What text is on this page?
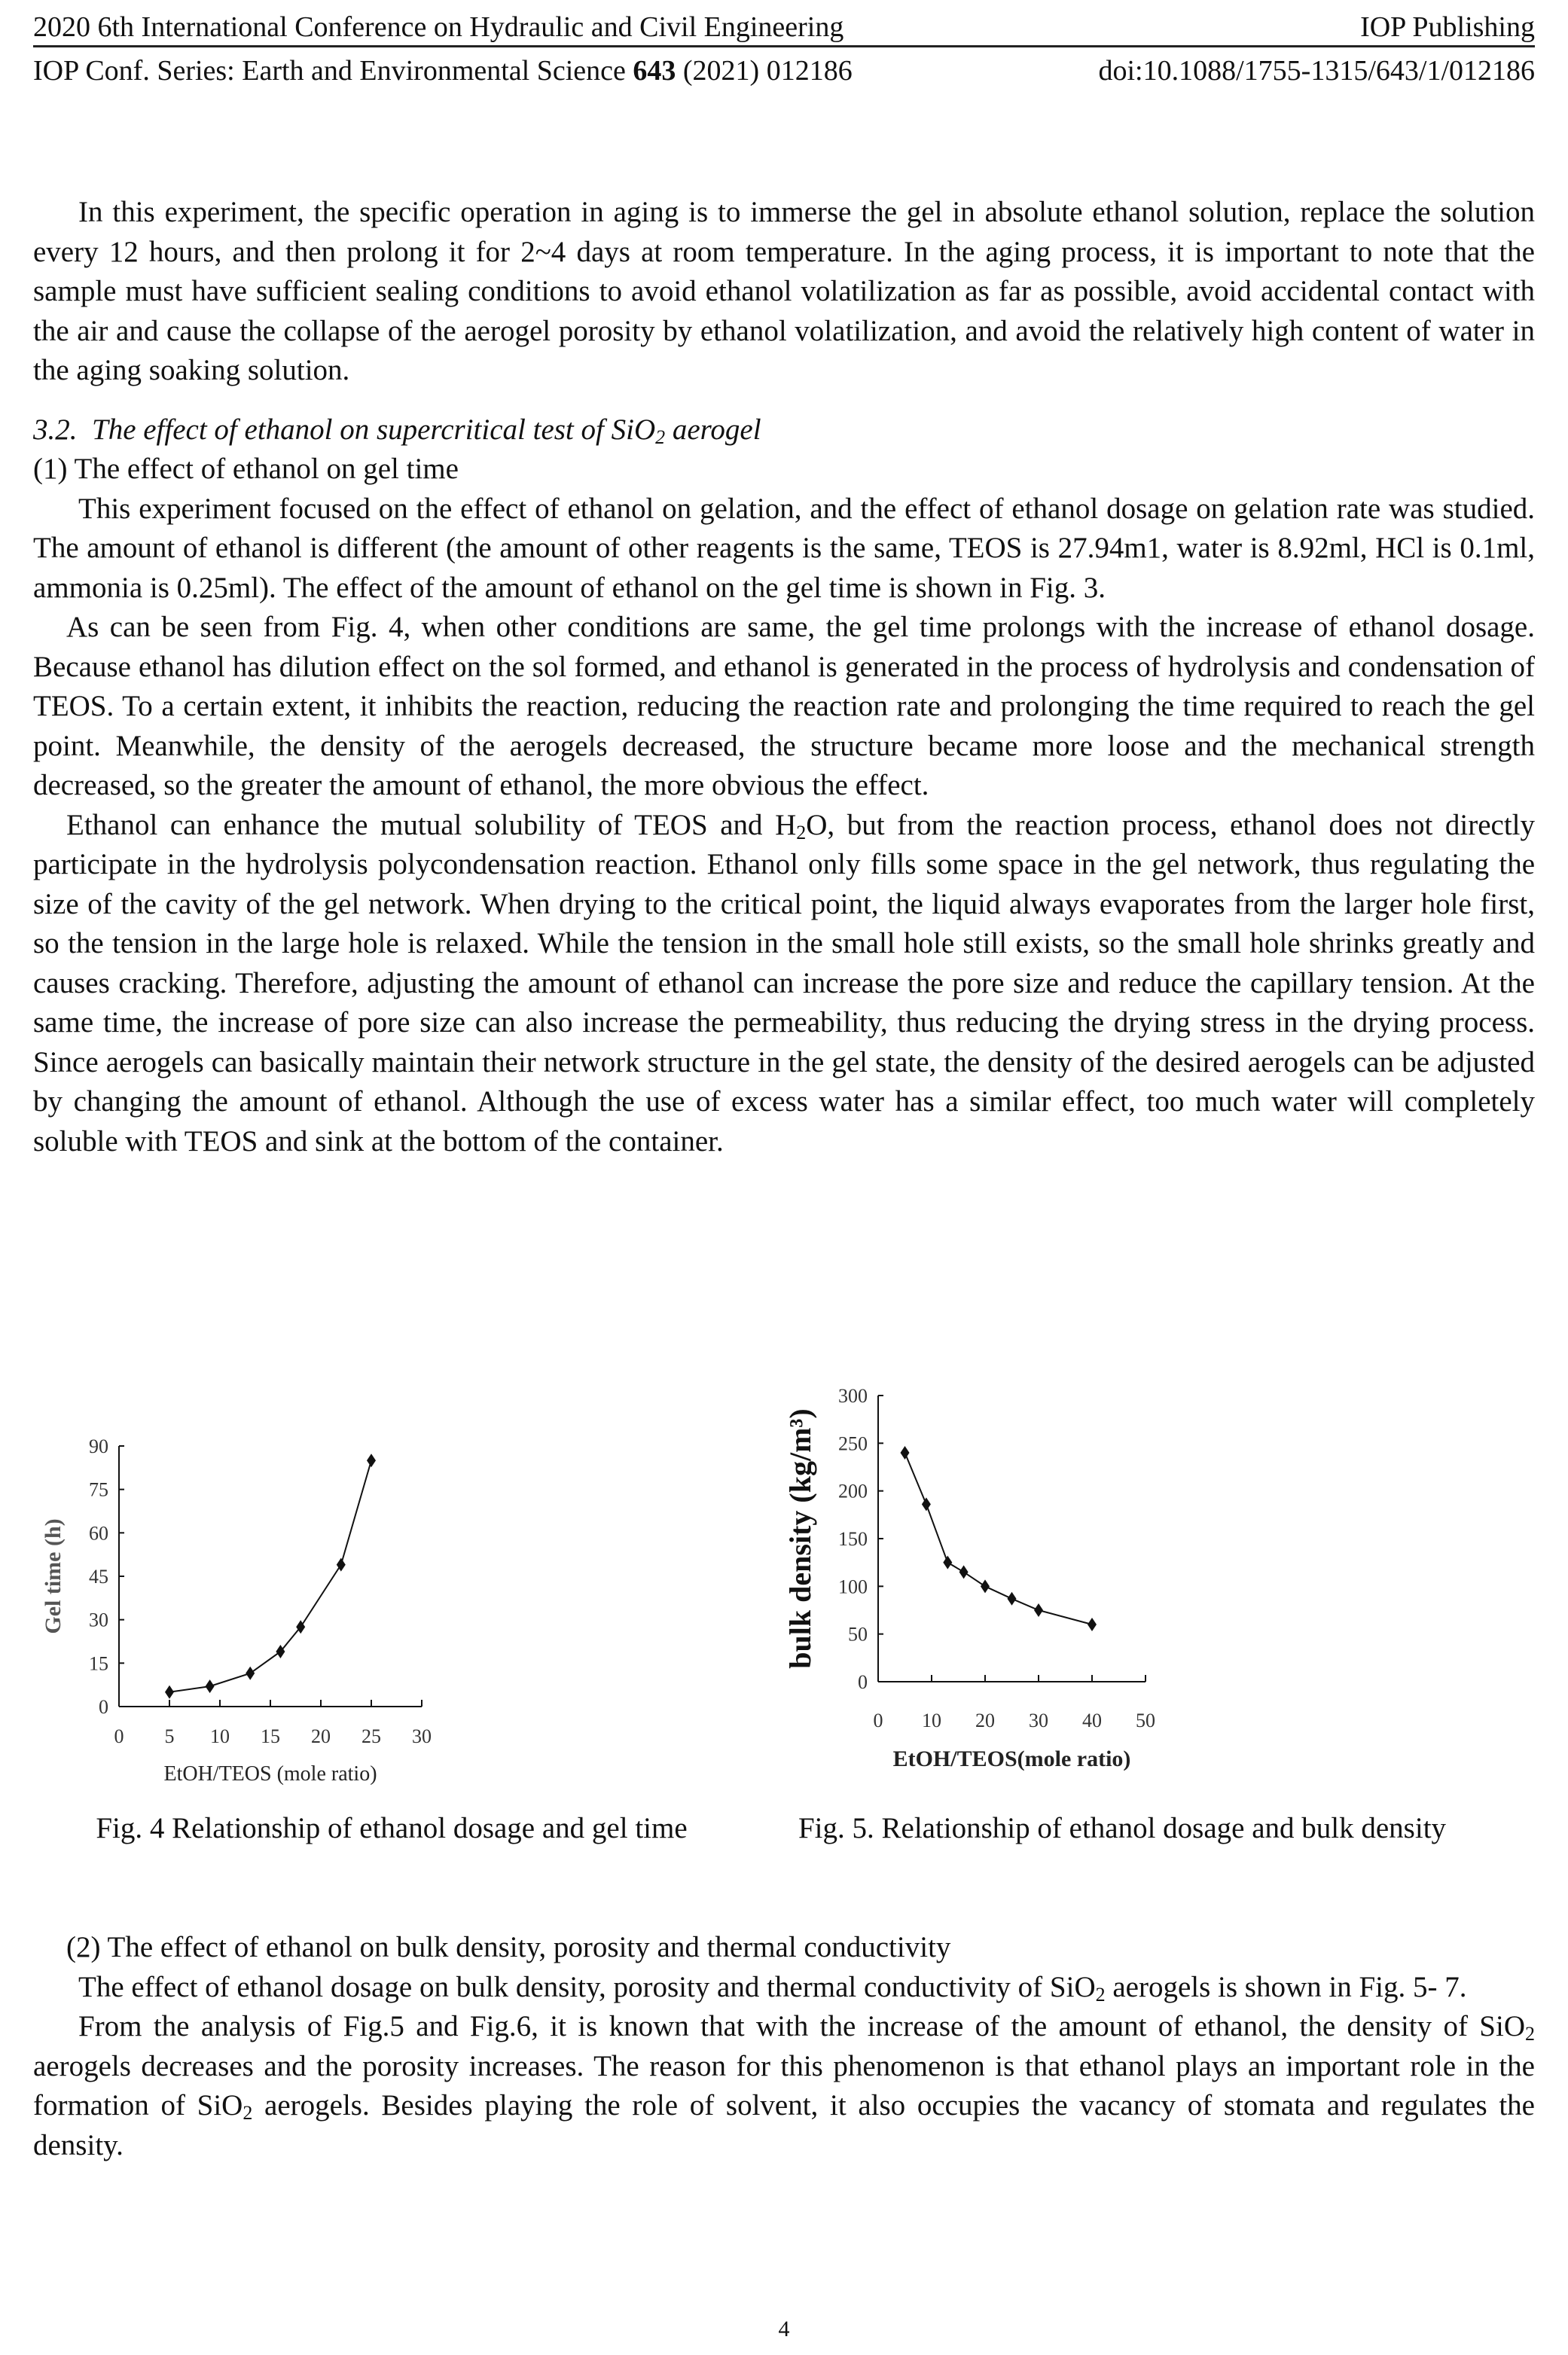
2020 6th International Conference on Hydraulic and Civil Engineering	IOP Publishing
IOP Conf. Series: Earth and Environmental Science 643 (2021) 012186	doi:10.1088/1755-1315/643/1/012186

In this experiment, the specific operation in aging is to immerse the gel in absolute ethanol solution, replace the solution every 12 hours, and then prolong it for 2~4 days at room temperature. In the aging process, it is important to note that the sample must have sufficient sealing conditions to avoid ethanol volatilization as far as possible, avoid accidental contact with the air and cause the collapse of the aerogel porosity by ethanol volatilization, and avoid the relatively high content of water in the aging soaking solution.

3.2. The effect of ethanol on supercritical test of SiO$_2$ aerogel

(1) The effect of ethanol on gel time

This experiment focused on the effect of ethanol on gelation, and the effect of ethanol dosage on gelation rate was studied. The amount of ethanol is different (the amount of other reagents is the same, TEOS is 27.94m1, water is 8.92ml, HCl is 0.1ml, ammonia is 0.25ml). The effect of the amount of ethanol on the gel time is shown in Fig. 3.

As can be seen from Fig. 4, when other conditions are same, the gel time prolongs with the increase of ethanol dosage. Because ethanol has dilution effect on the sol formed, and ethanol is generated in the process of hydrolysis and condensation of TEOS. To a certain extent, it inhibits the reaction, reducing the reaction rate and prolonging the time required to reach the gel point. Meanwhile, the density of the aerogels decreased, the structure became more loose and the mechanical strength decreased, so the greater the amount of ethanol, the more obvious the effect.

Ethanol can enhance the mutual solubility of TEOS and $H_2O$, but from the reaction process, ethanol does not directly participate in the hydrolysis polycondensation reaction. Ethanol only fills some space in the gel network, thus regulating the size of the cavity of the gel network. When drying to the critical point, the liquid always evaporates from the larger hole first, so the tension in the large hole is relaxed. While the tension in the small hole still exists, so the small hole shrinks greatly and causes cracking. Therefore, adjusting the amount of ethanol can increase the pore size and reduce the capillary tension. At the same time, the increase of pore size can also increase the permeability, thus reducing the drying stress in the drying process. Since aerogels can basically maintain their network structure in the gel state, the density of the desired aerogels can be adjusted by changing the amount of ethanol. Although the use of excess water has a similar effect, too much water will completely soluble with TEOS and sink at the bottom of the container.

0
15
30
45
60
75
90
0 5 10 15 20 25 30
EtOH/TEOS (mole ratio)
Gel time (h)
Fig. 4 Relationship of ethanol dosage and gel time
0
50
100
150
200
250
300
0 10 20 30 40 50
EtOH/TEOS(mole ratio)
bulk density (kg/m³)
Fig. 5. Relationship of ethanol dosage and bulk density

(2) The effect of ethanol on bulk density, porosity and thermal conductivity

The effect of ethanol dosage on bulk density, porosity and thermal conductivity of SiO$_2$ aerogels is shown in Fig. 5- 7.

From the analysis of Fig.5 and Fig.6, it is known that with the increase of the amount of ethanol, the density of SiO$_2$ aerogels decreases and the porosity increases. The reason for this phenomenon is that ethanol plays an important role in the formation of SiO$_2$ aerogels. Besides playing the role of solvent, it also occupies the vacancy of stomata and regulates the density.

4
